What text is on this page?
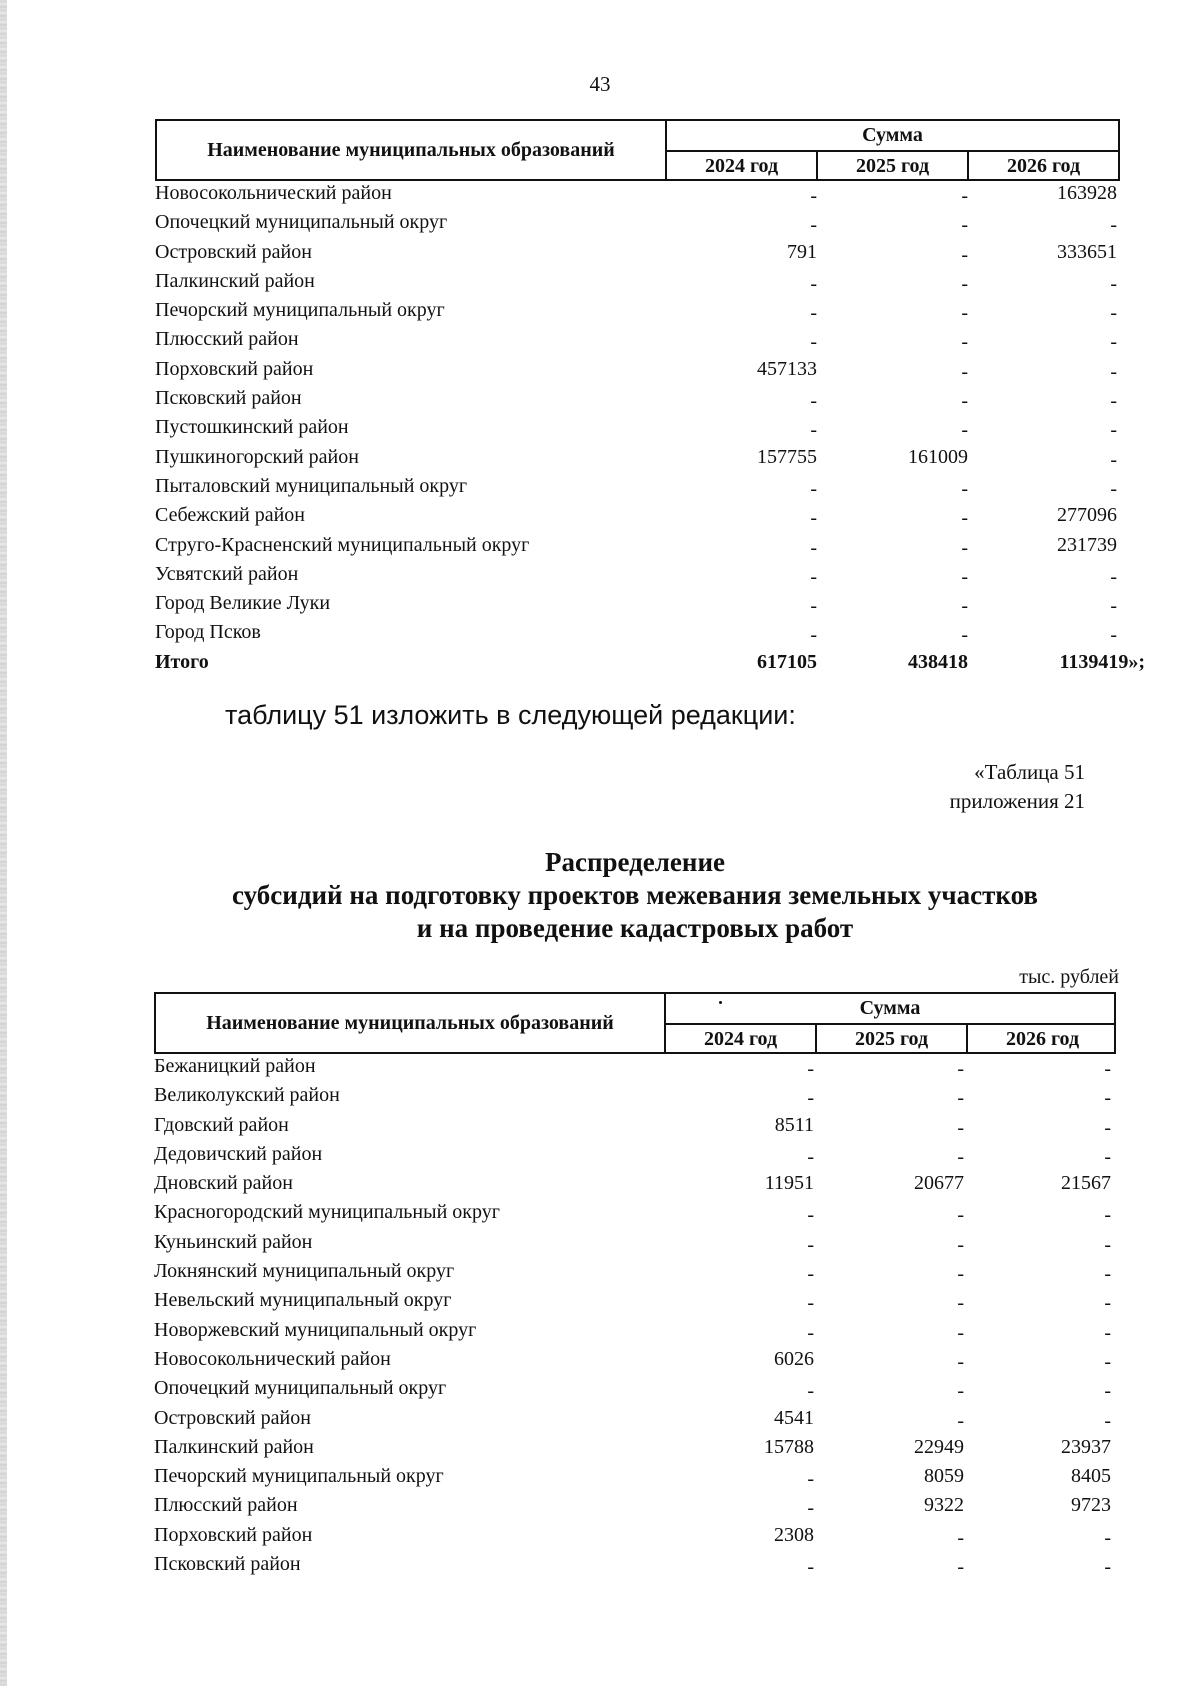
43
Наименование муниципальных образований
Сумма
2024 год	2025 год	2026 год
Новосокольнический район	-	-	163928
Опочецкий муниципальный округ	-	-	-
Островский район	791	-	333651
Палкинский район	-	-	-
Печорский муниципальный округ	-	-	-
Плюсский район	-	-	-
Порховский район	457133	-	-
Псковский район	-	-	-
Пустошкинский район	-	-	-
Пушкиногорский район	157755	161009	-
Пыталовский муниципальный округ	-	-	-
Себежский район	-	-	277096
Струго-Красненский муниципальный округ	-	-	231739
Усвятский район	-	-	-
Город Великие Луки	-	-	-
Город Псков	-	-	-
Итого	617105	438418	1139419»;
таблицу 51 изложить в следующей редакции:
«Таблица 51
приложения 21
Распределение
субсидий на подготовку проектов межевания земельных участков
и на проведение кадастровых работ
тыс. рублей
Наименование муниципальных образований
Сумма
2024 год	2025 год	2026 год
Бежаницкий район	-	-	-
Великолукский район	-	-	-
Гдовский район	8511	-	-
Дедовичский район	-	-	-
Дновский район	11951	20677	21567
Красногородский муниципальный округ	-	-	-
Куньинский район	-	-	-
Локнянский муниципальный округ	-	-	-
Невельский муниципальный округ	-	-	-
Новоржевский муниципальный округ	-	-	-
Новосокольнический район	6026	-	-
Опочецкий муниципальный округ	-	-	-
Островский район	4541	-	-
Палкинский район	15788	22949	23937
Печорский муниципальный округ	-	8059	8405
Плюсский район	-	9322	9723
Порховский район	2308	-	-
Псковский район	-	-	-
